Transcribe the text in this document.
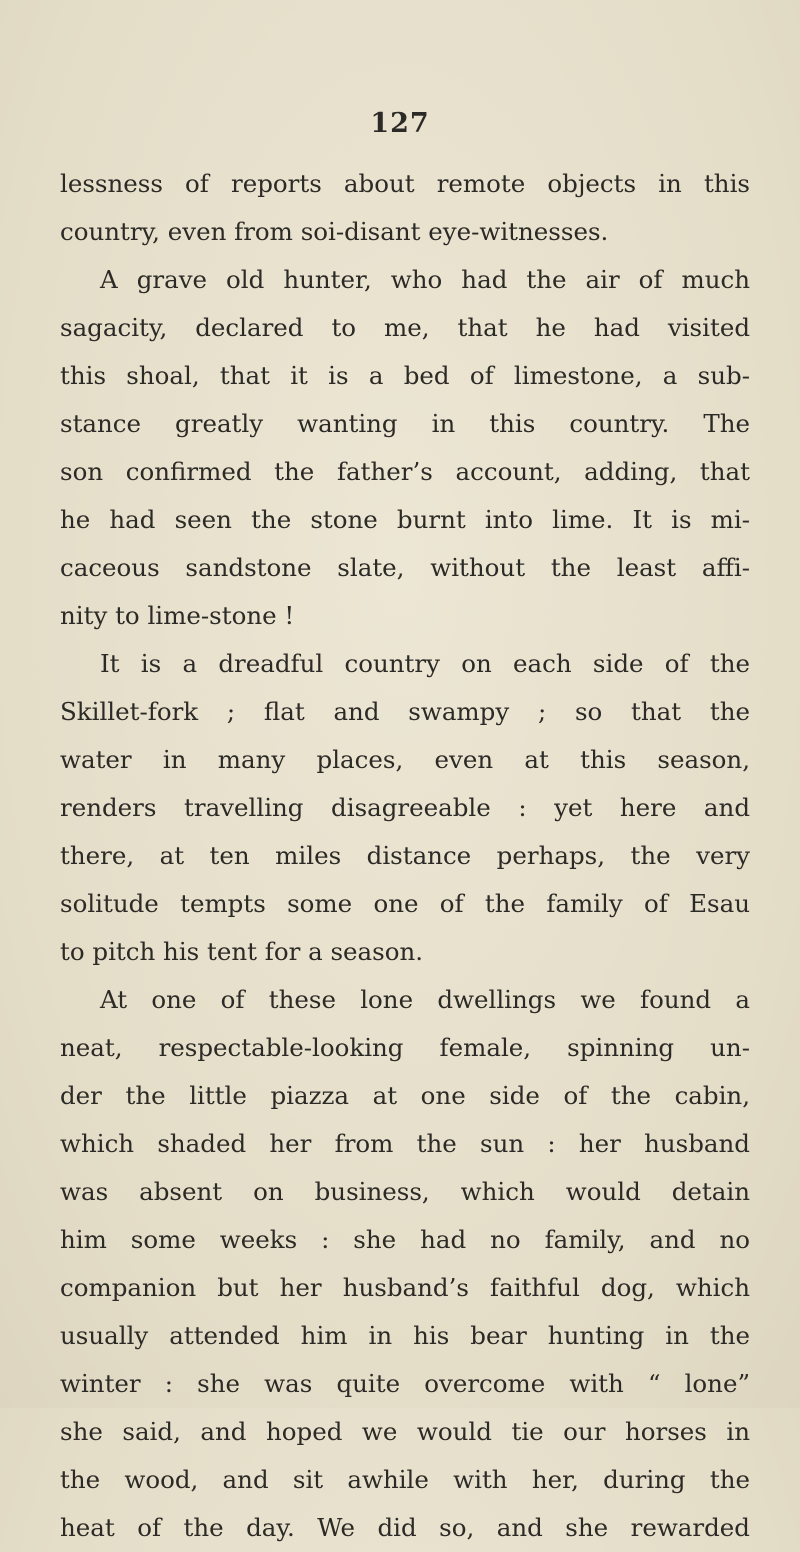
127
lessness of reports about remote objects in this
country, even from soi-disant eye-witnesses.
A grave old hunter, who had the air of much
sagacity, declared to me, that he had visited
this shoal, that it is a bed of limestone, a sub-
stance greatly wanting in this country. The
son confirmed the father’s account, adding, that
he had seen the stone burnt into lime. It is mi-
caceous sandstone slate, without the least affi-
nity to lime-stone !
It is a dreadful country on each side of the
Skillet-fork ; flat and swampy ; so that the
water in many places, even at this season,
renders travelling disagreeable : yet here and
there, at ten miles distance perhaps, the very
solitude tempts some one of the family of Esau
to pitch his tent for a season.
At one of these lone dwellings we found a
neat, respectable-looking female, spinning un-
der the little piazza at one side of the cabin,
which shaded her from the sun : her husband
was absent on business, which would detain
him some weeks : she had no family, and no
companion but her husband’s faithful dog, which
usually attended him in his bear hunting in the
winter : she was quite overcome with “ lone”
she said, and hoped we would tie our horses in
the wood, and sit awhile with her, during the
heat of the day. We did so, and she rewarded
